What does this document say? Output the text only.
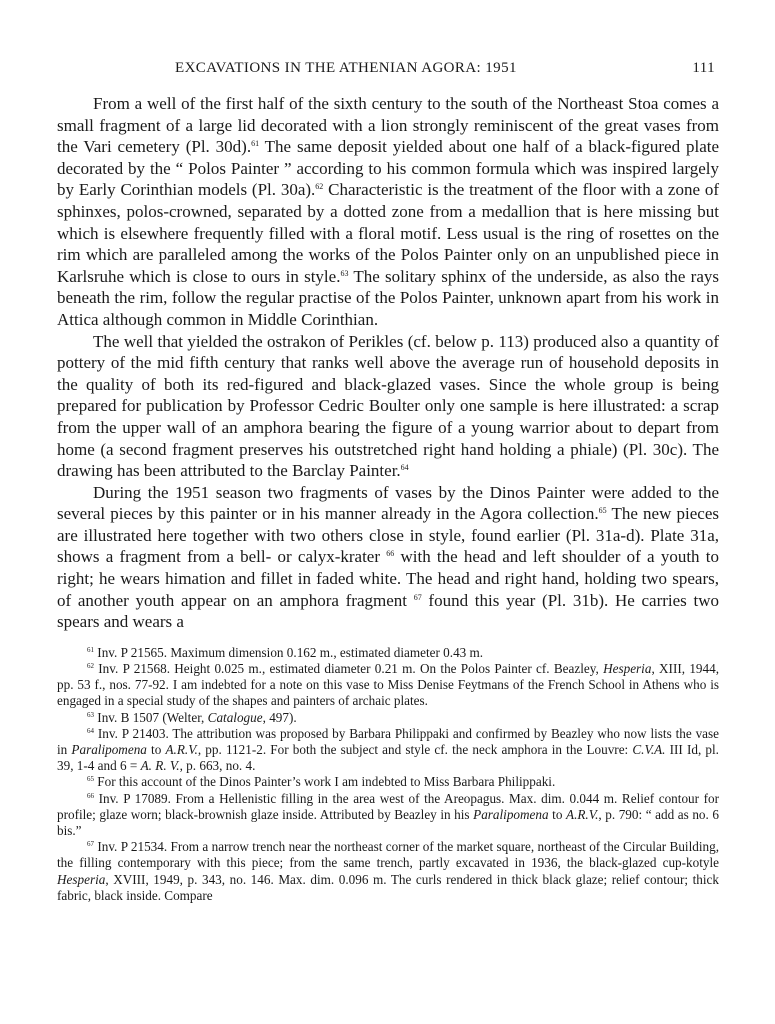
EXCAVATIONS IN THE ATHENIAN AGORA: 1951	111

From a well of the first half of the sixth century to the south of the Northeast Stoa comes a small fragment of a large lid decorated with a lion strongly reminiscent of the great vases from the Vari cemetery (Pl. 30d).$^{61}$ The same deposit yielded about one half of a black-figured plate decorated by the “ Polos Painter ” according to his common formula which was inspired largely by Early Corinthian models (Pl. 30a).$^{62}$ Characteristic is the treatment of the floor with a zone of sphinxes, polos-crowned, separated by a dotted zone from a medallion that is here missing but which is elsewhere frequently filled with a floral motif. Less usual is the ring of rosettes on the rim which are paralleled among the works of the Polos Painter only on an unpublished piece in Karlsruhe which is close to ours in style.$^{63}$ The solitary sphinx of the underside, as also the rays beneath the rim, follow the regular practise of the Polos Painter, unknown apart from his work in Attica although common in Middle Corinthian.

The well that yielded the ostrakon of Perikles (cf. below p. 113) produced also a quantity of pottery of the mid fifth century that ranks well above the average run of household deposits in the quality of both its red-figured and black-glazed vases. Since the whole group is being prepared for publication by Professor Cedric Boulter only one sample is here illustrated: a scrap from the upper wall of an amphora bearing the figure of a young warrior about to depart from home (a second fragment preserves his outstretched right hand holding a phiale) (Pl. 30c). The drawing has been attributed to the Barclay Painter.$^{64}$

During the 1951 season two fragments of vases by the Dinos Painter were added to the several pieces by this painter or in his manner already in the Agora collection.$^{65}$ The new pieces are illustrated here together with two others close in style, found earlier (Pl. 31a-d). Plate 31a, shows a fragment from a bell- or calyx-krater $^{66}$ with the head and left shoulder of a youth to right; he wears himation and fillet in faded white. The head and right hand, holding two spears, of another youth appear on an amphora fragment $^{67}$ found this year (Pl. 31b). He carries two spears and wears a

$^{61}$ Inv. P 21565. Maximum dimension 0.162 m., estimated diameter 0.43 m.

$^{62}$ Inv. P 21568. Height 0.025 m., estimated diameter 0.21 m. On the Polos Painter cf. Beazley, Hesperia, XIII, 1944, pp. 53 f., nos. 77-92. I am indebted for a note on this vase to Miss Denise Feytmans of the French School in Athens who is engaged in a special study of the shapes and painters of archaic plates.

$^{63}$ Inv. B 1507 (Welter, Catalogue, 497).

$^{64}$ Inv. P 21403. The attribution was proposed by Barbara Philippaki and confirmed by Beazley who now lists the vase in Paralipomena to A.R.V., pp. 1121-2. For both the subject and style cf. the neck amphora in the Louvre: C.V.A. III Id, pl. 39, 1-4 and 6 = A. R. V., p. 663, no. 4.

$^{65}$ For this account of the Dinos Painter’s work I am indebted to Miss Barbara Philippaki.

$^{66}$ Inv. P 17089. From a Hellenistic filling in the area west of the Areopagus. Max. dim. 0.044 m. Relief contour for profile; glaze worn; black-brownish glaze inside. Attributed by Beazley in his Paralipomena to A.R.V., p. 790: “ add as no. 6 bis.”

$^{67}$ Inv. P 21534. From a narrow trench near the northeast corner of the market square, northeast of the Circular Building, the filling contemporary with this piece; from the same trench, partly excavated in 1936, the black-glazed cup-kotyle Hesperia, XVIII, 1949, p. 343, no. 146. Max. dim. 0.096 m. The curls rendered in thick black glaze; relief contour; thick fabric, black inside. Compare
